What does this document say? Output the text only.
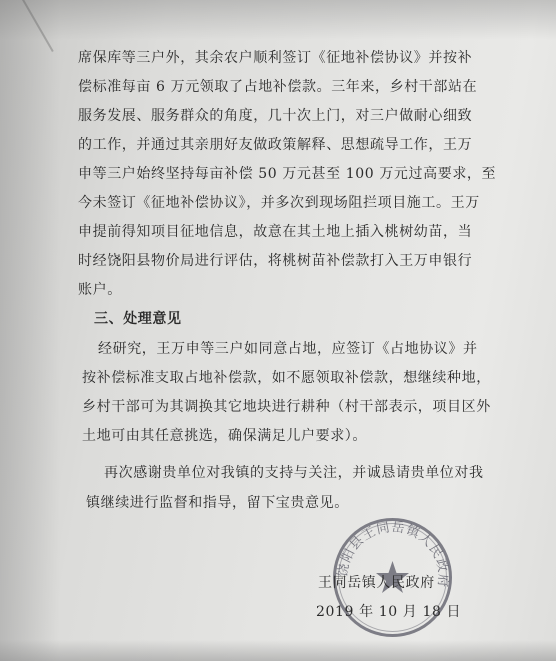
席保库等三户外，其余农户顺利签订《征地补偿协议》并按补
偿标准每亩 6 万元领取了占地补偿款。三年来，乡村干部站在
服务发展、服务群众的角度，几十次上门，对三户做耐心细致
的工作，并通过其亲朋好友做政策解释、思想疏导工作，王万
申等三户始终坚持每亩补偿 50 万元甚至 100 万元过高要求，至
今未签订《征地补偿协议》，并多次到现场阻拦项目施工。王万
申提前得知项目征地信息，故意在其土地上插入桃树幼苗，当
时经饶阳县物价局进行评估，将桃树苗补偿款打入王万申银行
账户。
三、处理意见
经研究，王万申等三户如同意占地，应签订《占地协议》并
按补偿标准支取占地补偿款，如不愿领取补偿款，想继续种地，
乡村干部可为其调换其它地块进行耕种（村干部表示，项目区外
土地可由其任意挑选，确保满足儿户要求）。
再次感谢贵单位对我镇的支持与关注，并诚恳请贵单位对我
镇继续进行监督和指导，留下宝贵意见。
饶阳县王同岳镇人民政府
王同岳镇人民政府
2019 年 10 月 18 日
